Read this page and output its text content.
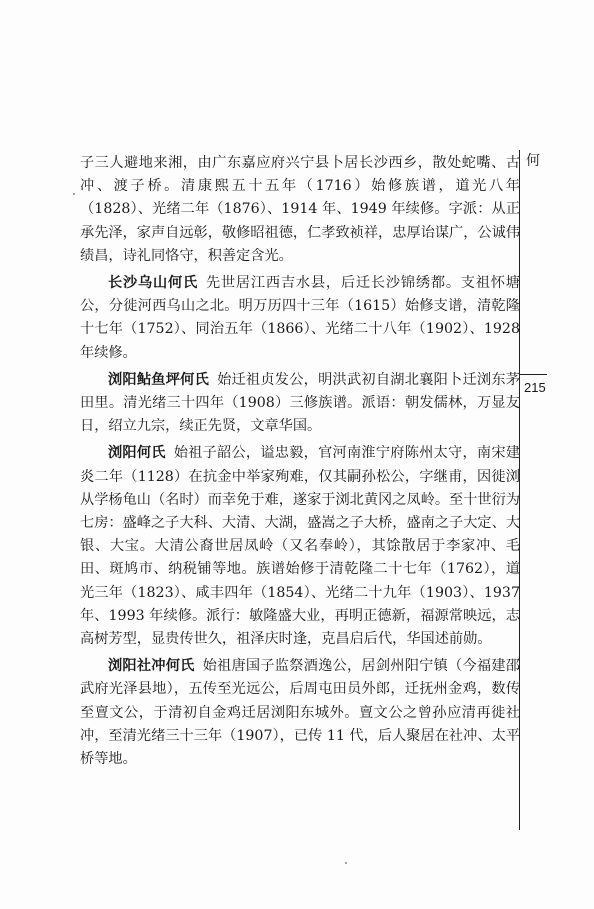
何
215

子三人避地来湘，由广东嘉应府兴宁县卜居长沙西乡，散处蛇嘴、古冲、渡子桥。清康熙五十五年（1716）始修族谱，道光八年（1828）、光绪二年（1876）、1914 年、1949 年续修。字派：从正承先泽，家声自远彰，敬修昭祖德，仁孝致祯祥，忠厚诒谋广，公诚伟绩昌，诗礼同恪守，积善定含光。

长沙乌山何氏 先世居江西吉水县，后迁长沙锦绣都。支祖怀塘公，分徙河西乌山之北。明万历四十三年（1615）始修支谱，清乾隆十七年（1752）、同治五年（1866）、光绪二十八年（1902）、1928 年续修。

浏阳鲇鱼坪何氏 始迁祖贞发公，明洪武初自湖北襄阳卜迁浏东茅田里。清光绪三十四年（1908）三修族谱。派语：朝发儒林，万显友日，绍立九宗，续正先贤，文章华国。

浏阳何氏 始祖子韶公，谥忠毅，官河南淮宁府陈州太守，南宋建炎二年（1128）在抗金中举家殉难，仅其嗣孙松公，字继甫，因徙浏从学杨龟山（名时）而幸免于难，遂家于浏北黄冈之凤岭。至十世衍为七房：盛峰之子大科、大清、大湖，盛嵩之子大桥，盛南之子大定、大银、大宝。大清公裔世居凤岭（又名奉岭），其馀散居于李家冲、毛田、斑鸠市、纳税铺等地。族谱始修于清乾隆二十七年（1762），道光三年（1823）、咸丰四年（1854）、光绪二十九年（1903）、1937 年、1993 年续修。派行：敏隆盛大业，再明正德新，福源常映远，志高树芳型，显贵传世久，祖泽庆时逢，克昌启后代，华国述前勋。

浏阳社冲何氏 始祖唐国子监祭酒逸公，居剑州阳宁镇（今福建邵武府光泽县地），五传至光远公，后周屯田员外郎，迁抚州金鸡，数传至亶文公，于清初自金鸡迁居浏阳东城外。亶文公之曾孙应清再徙社冲，至清光绪三十三年（1907），已传 11 代，后人聚居在社冲、太平桥等地。
